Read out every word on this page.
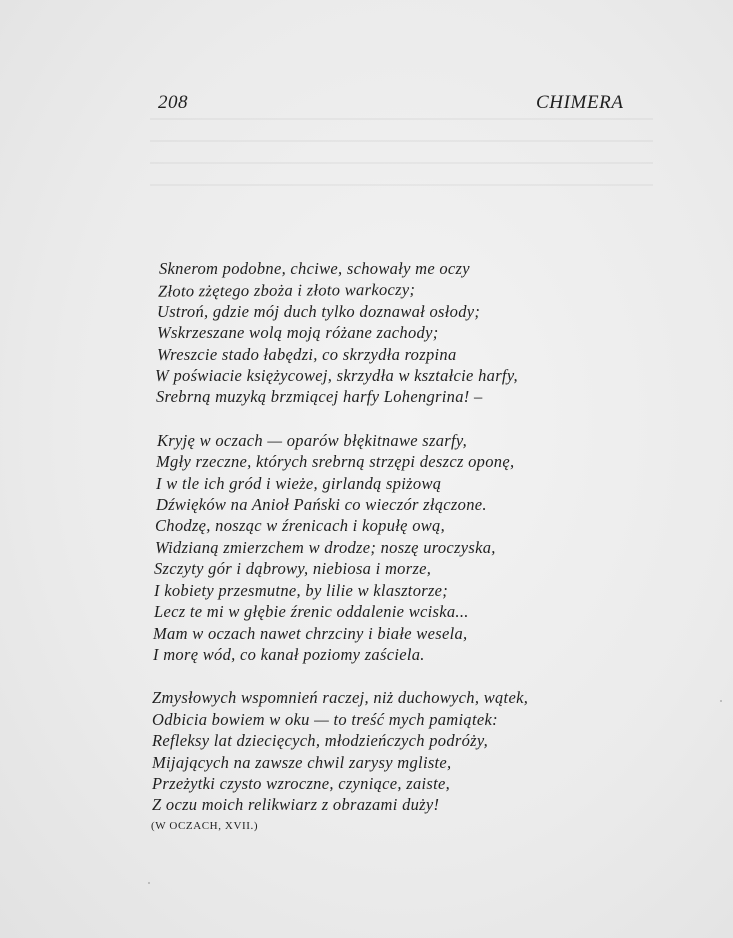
208	CHIMERA
Sknerom podobne, chciwe, schowały me oczy
Złoto zżętego zboża i złoto warkoczy;
Ustroń, gdzie mój duch tylko doznawał osłody;
Wskrzeszane wolą moją różane zachody;
Wreszcie stado łabędzi, co skrzydła rozpina
W poświacie księżycowej, skrzydła w kształcie harfy,
Srebrną muzyką brzmiącej harfy Lohengrina! –
Kryję w oczach — oparów błękitnawe szarfy,
Mgły rzeczne, których srebrną strzępi deszcz oponę,
I w tle ich gród i wieże, girlandą spiżową
Dźwięków na Anioł Pański co wieczór złączone.
Chodzę, nosząc w źrenicach i kopułę ową,
Widzianą zmierzchem w drodze; noszę uroczyska,
Szczyty gór i dąbrowy, niebiosa i morze,
I kobiety przesmutne, by lilie w klasztorze;
Lecz te mi w głębie źrenic oddalenie wciska...
Mam w oczach nawet chrzciny i białe wesela,
I morę wód, co kanał poziomy zaściela.
Zmysłowych wspomnień raczej, niż duchowych, wątek,
Odbicia bowiem w oku — to treść mych pamiątek:
Refleksy lat dziecięcych, młodzieńczych podróży,
Mijających na zawsze chwil zarysy mgliste,
Przeżytki czysto wzroczne, czyniące, zaiste,
Z oczu moich relikwiarz z obrazami duży!
(W OCZACH, XVII.)
